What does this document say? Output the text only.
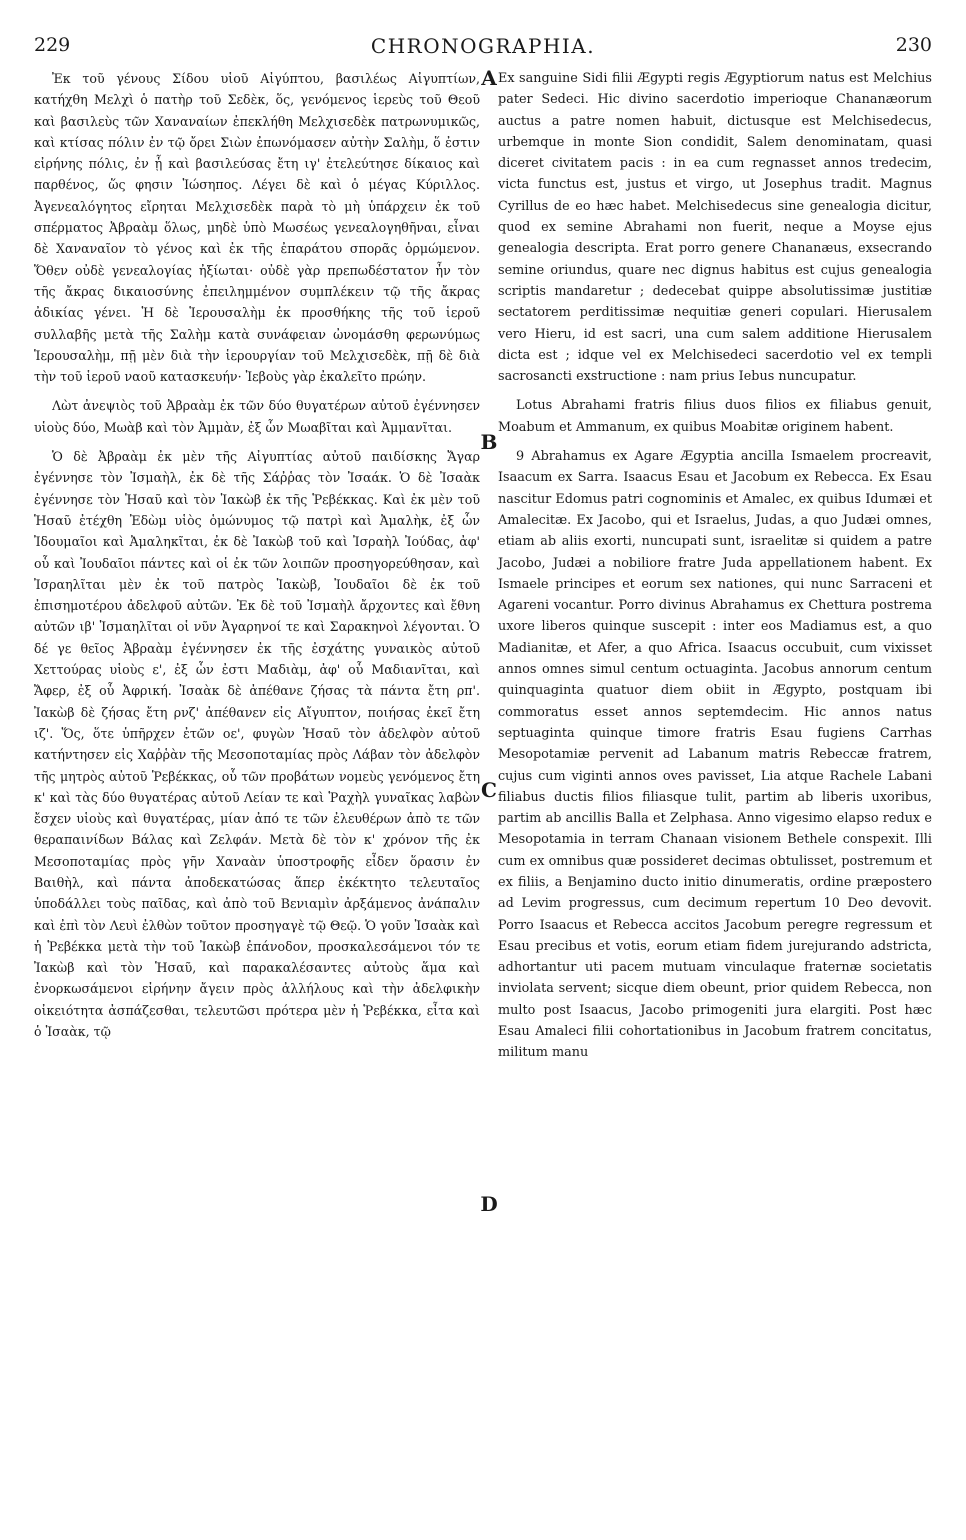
229	CHRONOGRAPHIA.	230

Ἐκ τοῦ γένους Σίδου υἱοῦ Αἰγύπτου, βασιλέως Αἰγυπτίων, κατήχθη Μελχὶ ὁ πατὴρ τοῦ Σεδὲκ, ὅς, γενόμενος ἱερεὺς τοῦ Θεοῦ καὶ βασιλεὺς τῶν Χαναναίων ἐπεκλήθη Μελχισεδὲκ πατρωνυμικῶς, καὶ κτίσας πόλιν ἐν τῷ ὄρει Σιὼν ἐπωνόμασεν αὐτὴν Σαλὴμ, ὅ ἐστιν εἰρήνης πόλις, ἐν ᾗ καὶ βασιλεύσας ἔτη ιγ' ἐτελεύτησε δίκαιος καὶ παρθένος, ὥς φησιν Ἰώσηπος. Λέγει δὲ καὶ ὁ μέγας Κύριλλος. Ἀγενεαλόγητος εἴρηται Μελχισεδὲκ παρὰ τὸ μὴ ὑπάρχειν ἐκ τοῦ σπέρματος Ἀβραὰμ ὅλως, μηδὲ ὑπὸ Μωσέως γενεαλογηθῆναι, εἶναι δὲ Χαναναῖον τὸ γένος καὶ ἐκ τῆς ἐπαράτου σπορᾶς ὁρμώμενον. Ὅθεν οὐδὲ γενεαλογίας ἠξίωται· οὐδὲ γὰρ πρεπωδέστατον ἦν τὸν τῆς ἄκρας δικαιοσύνης ἐπειλημμένον συμπλέκειν τῷ τῆς ἄκρας ἀδικίας γένει. Ἡ δὲ Ἱερουσαλὴμ ἐκ προσθήκης τῆς τοῦ ἱεροῦ συλλαβῆς μετὰ τῆς Σαλὴμ κατὰ συνάφειαν ὠνομάσθη φερωνύμως Ἱερουσαλὴμ, πῇ μὲν διὰ τὴν ἱερουργίαν τοῦ Μελχισεδὲκ, πῇ δὲ διὰ τὴν τοῦ ἱεροῦ ναοῦ κατασκευήν· Ἰεβοὺς γὰρ ἐκαλεῖτο πρώην.

Λὼτ ἀνεψιὸς τοῦ Ἀβραὰμ ἐκ τῶν δύο θυγατέρων αὐτοῦ ἐγέννησεν υἱοὺς δύο, Μωὰβ καὶ τὸν Ἀμμὰν, ἐξ ὧν Μωαβῖται καὶ Ἀμμανῖται.

Ὁ δὲ Ἀβραὰμ ἐκ μὲν τῆς Αἰγυπτίας αὐτοῦ παιδίσκης Ἄγαρ ἐγέννησε τὸν Ἰσμαὴλ, ἐκ δὲ τῆς Σάῤῥας τὸν Ἰσαάκ. Ὁ δὲ Ἰσαὰκ ἐγέννησε τὸν Ἡσαῦ καὶ τὸν Ἰακὼβ ἐκ τῆς Ῥεβέκκας. Καὶ ἐκ μὲν τοῦ Ἡσαῦ ἐτέχθη Ἐδὼμ υἱὸς ὁμώνυμος τῷ πατρὶ καὶ Ἀμαλὴκ, ἐξ ὧν Ἰδουμαῖοι καὶ Ἀμαληκῖται, ἐκ δὲ Ἰακὼβ τοῦ καὶ Ἰσραὴλ Ἰούδας, ἀφ' οὗ καὶ Ἰουδαῖοι πάντες καὶ οἱ ἐκ τῶν λοιπῶν προσηγορεύθησαν, καὶ Ἰσραηλῖται μὲν ἐκ τοῦ πατρὸς Ἰακὼβ, Ἰουδαῖοι δὲ ἐκ τοῦ ἐπισημοτέρου ἀδελφοῦ αὐτῶν. Ἐκ δὲ τοῦ Ἰσμαὴλ ἄρχοντες καὶ ἔθνη αὐτῶν ιβ' Ἰσμαηλῖται οἱ νῦν Ἀγαρηνοί τε καὶ Σαρακηνοὶ λέγονται. Ὁ δέ γε θεῖος Ἀβραὰμ ἐγέννησεν ἐκ τῆς ἐσχάτης γυναικὸς αὐτοῦ Χεττούρας υἱοὺς ε', ἐξ ὧν ἐστι Μαδιὰμ, ἀφ' οὗ Μαδιανῖται, καὶ Ἄφερ, ἐξ οὗ Ἀφρική. Ἰσαὰκ δὲ ἀπέθανε ζήσας τὰ πάντα ἔτη ρπ'. Ἰακὼβ δὲ ζήσας ἔτη ρνζ' ἀπέθανεν εἰς Αἴγυπτον, ποιήσας ἐκεῖ ἔτη ιζ'. Ὅς, ὅτε ὑπῆρχεν ἐτῶν οε', φυγὼν Ἡσαῦ τὸν ἀδελφὸν αὐτοῦ κατήντησεν εἰς Χαῤῥὰν τῆς Μεσοποταμίας πρὸς Λάβαν τὸν ἀδελφὸν τῆς μητρὸς αὐτοῦ Ῥεβέκκας, οὗ τῶν προβάτων νομεὺς γενόμενος ἔτη κ' καὶ τὰς δύο θυγατέρας αὐτοῦ Λείαν τε καὶ Ῥαχὴλ γυναῖκας λαβὼν ἔσχεν υἱοὺς καὶ θυγατέρας, μίαν ἀπό τε τῶν ἐλευθέρων ἀπὸ τε τῶν θεραπαινίδων Βάλας καὶ Ζελφάν. Μετὰ δὲ τὸν κ' χρόνον τῆς ἐκ Μεσοποταμίας πρὸς γῆν Χαναὰν ὑποστροφῆς εἶδεν ὅρασιν ἐν Βαιθὴλ, καὶ πάντα ἀποδεκατώσας ἅπερ ἐκέκτητο τελευταῖος ὑποδάλλει τοὺς παῖδας, καὶ ἀπὸ τοῦ Βενιαμὶν ἀρξάμενος ἀνάπαλιν καὶ ἐπὶ τὸν Λευὶ ἐλθὼν τοῦτον προσηγαγὲ τῷ Θεῷ. Ὁ γοῦν Ἰσαὰκ καὶ ἡ Ῥεβέκκα μετὰ τὴν τοῦ Ἰακὼβ ἐπάνοδον, προσκαλεσάμενοι τόν τε Ἰακὼβ καὶ τὸν Ἡσαῦ, καὶ παρακαλέσαντες αὐτοὺς ἅμα καὶ ἐνορκωσάμενοι εἰρήνην ἄγειν πρὸς ἀλλήλους καὶ τὴν ἀδελφικὴν οἰκειότητα ἀσπάζεσθαι, τελευτῶσι πρότερα μὲν ἡ Ῥεβέκκα, εἶτα καὶ ὁ Ἰσαὰκ, τῷ

Ex sanguine Sidi filii Ægypti regis Ægyptiorum natus est Melchius pater Sedeci. Hic divino sacerdotio imperioque Chananæorum auctus a patre nomen habuit, dictusque est Melchisedecus, urbemque in monte Sion condidit, Salem denominatam, quasi diceret civitatem pacis : in ea cum regnasset annos tredecim, victa functus est, justus et virgo, ut Josephus tradit. Magnus Cyrillus de eo hæc habet. Melchisedecus sine genealogia dicitur, quod ex semine Abrahami non fuerit, neque a Moyse ejus genealogia descripta. Erat porro genere Chananæus, exsecrando semine oriundus, quare nec dignus habitus est cujus genealogia scriptis mandaretur ; dedecebat quippe absolutissimæ justitiæ sectatorem perditissimæ nequitiæ generi copulari. Hierusalem vero Hieru, id est sacri, una cum salem additione Hierusalem dicta est ; idque vel ex Melchisedeci sacerdotio vel ex templi sacrosancti exstructione : nam prius Iebus nuncupatur.

Lotus Abrahami fratris filius duos filios ex filiabus genuit, Moabum et Ammanum, ex quibus Moabitæ originem habent.

9 Abrahamus ex Agare Ægyptia ancilla Ismaelem procreavit, Isaacum ex Sarra. Isaacus Esau et Jacobum ex Rebecca. Ex Esau nascitur Edomus patri cognominis et Amalec, ex quibus Idumæi et Amalecitæ. Ex Jacobo, qui et Israelus, Judas, a quo Judæi omnes, etiam ab aliis exorti, nuncupati sunt, israelitæ si quidem a patre Jacobo, Judæi a nobiliore fratre Juda appellationem habent. Ex Ismaele principes et eorum sex nationes, qui nunc Sarraceni et Agareni vocantur. Porro divinus Abrahamus ex Chettura postrema uxore liberos quinque suscepit : inter eos Madiamus est, a quo Madianitæ, et Afer, a quo Africa. Isaacus occubuit, cum vixisset annos omnes simul centum octuaginta. Jacobus annorum centum quinquaginta quatuor diem obiit in Ægypto, postquam ibi commoratus esset annos septemdecim. Hic annos natus septuaginta quinque timore fratris Esau fugiens Carrhas Mesopotamiæ pervenit ad Labanum matris Rebeccæ fratrem, cujus cum viginti annos oves pavisset, Lia atque Rachele Labani filiabus ductis filios filiasque tulit, partim ab liberis uxoribus, partim ab ancillis Balla et Zelphasa. Anno vigesimo elapso redux e Mesopotamia in terram Chanaan visionem Bethele conspexit. Illi cum ex omnibus quæ possideret decimas obtulisset, postremum et ex filiis, a Benjamino ducto initio dinumeratis, ordine præpostero ad Levim progressus, cum decimum repertum 10 Deo devovit. Porro Isaacus et Rebecca accitos Jacobum peregre regressum et Esau precibus et votis, eorum etiam fidem jurejurando adstricta, adhortantur uti pacem mutuam vinculaque fraternæ societatis inviolata servent; sicque diem obeunt, prior quidem Rebecca, non multo post Isaacus, Jacobo primogeniti jura elargiti. Post hæc Esau Amaleci filii cohortationibus in Jacobum fratrem concitatus, militum manu

A
B
C
D
